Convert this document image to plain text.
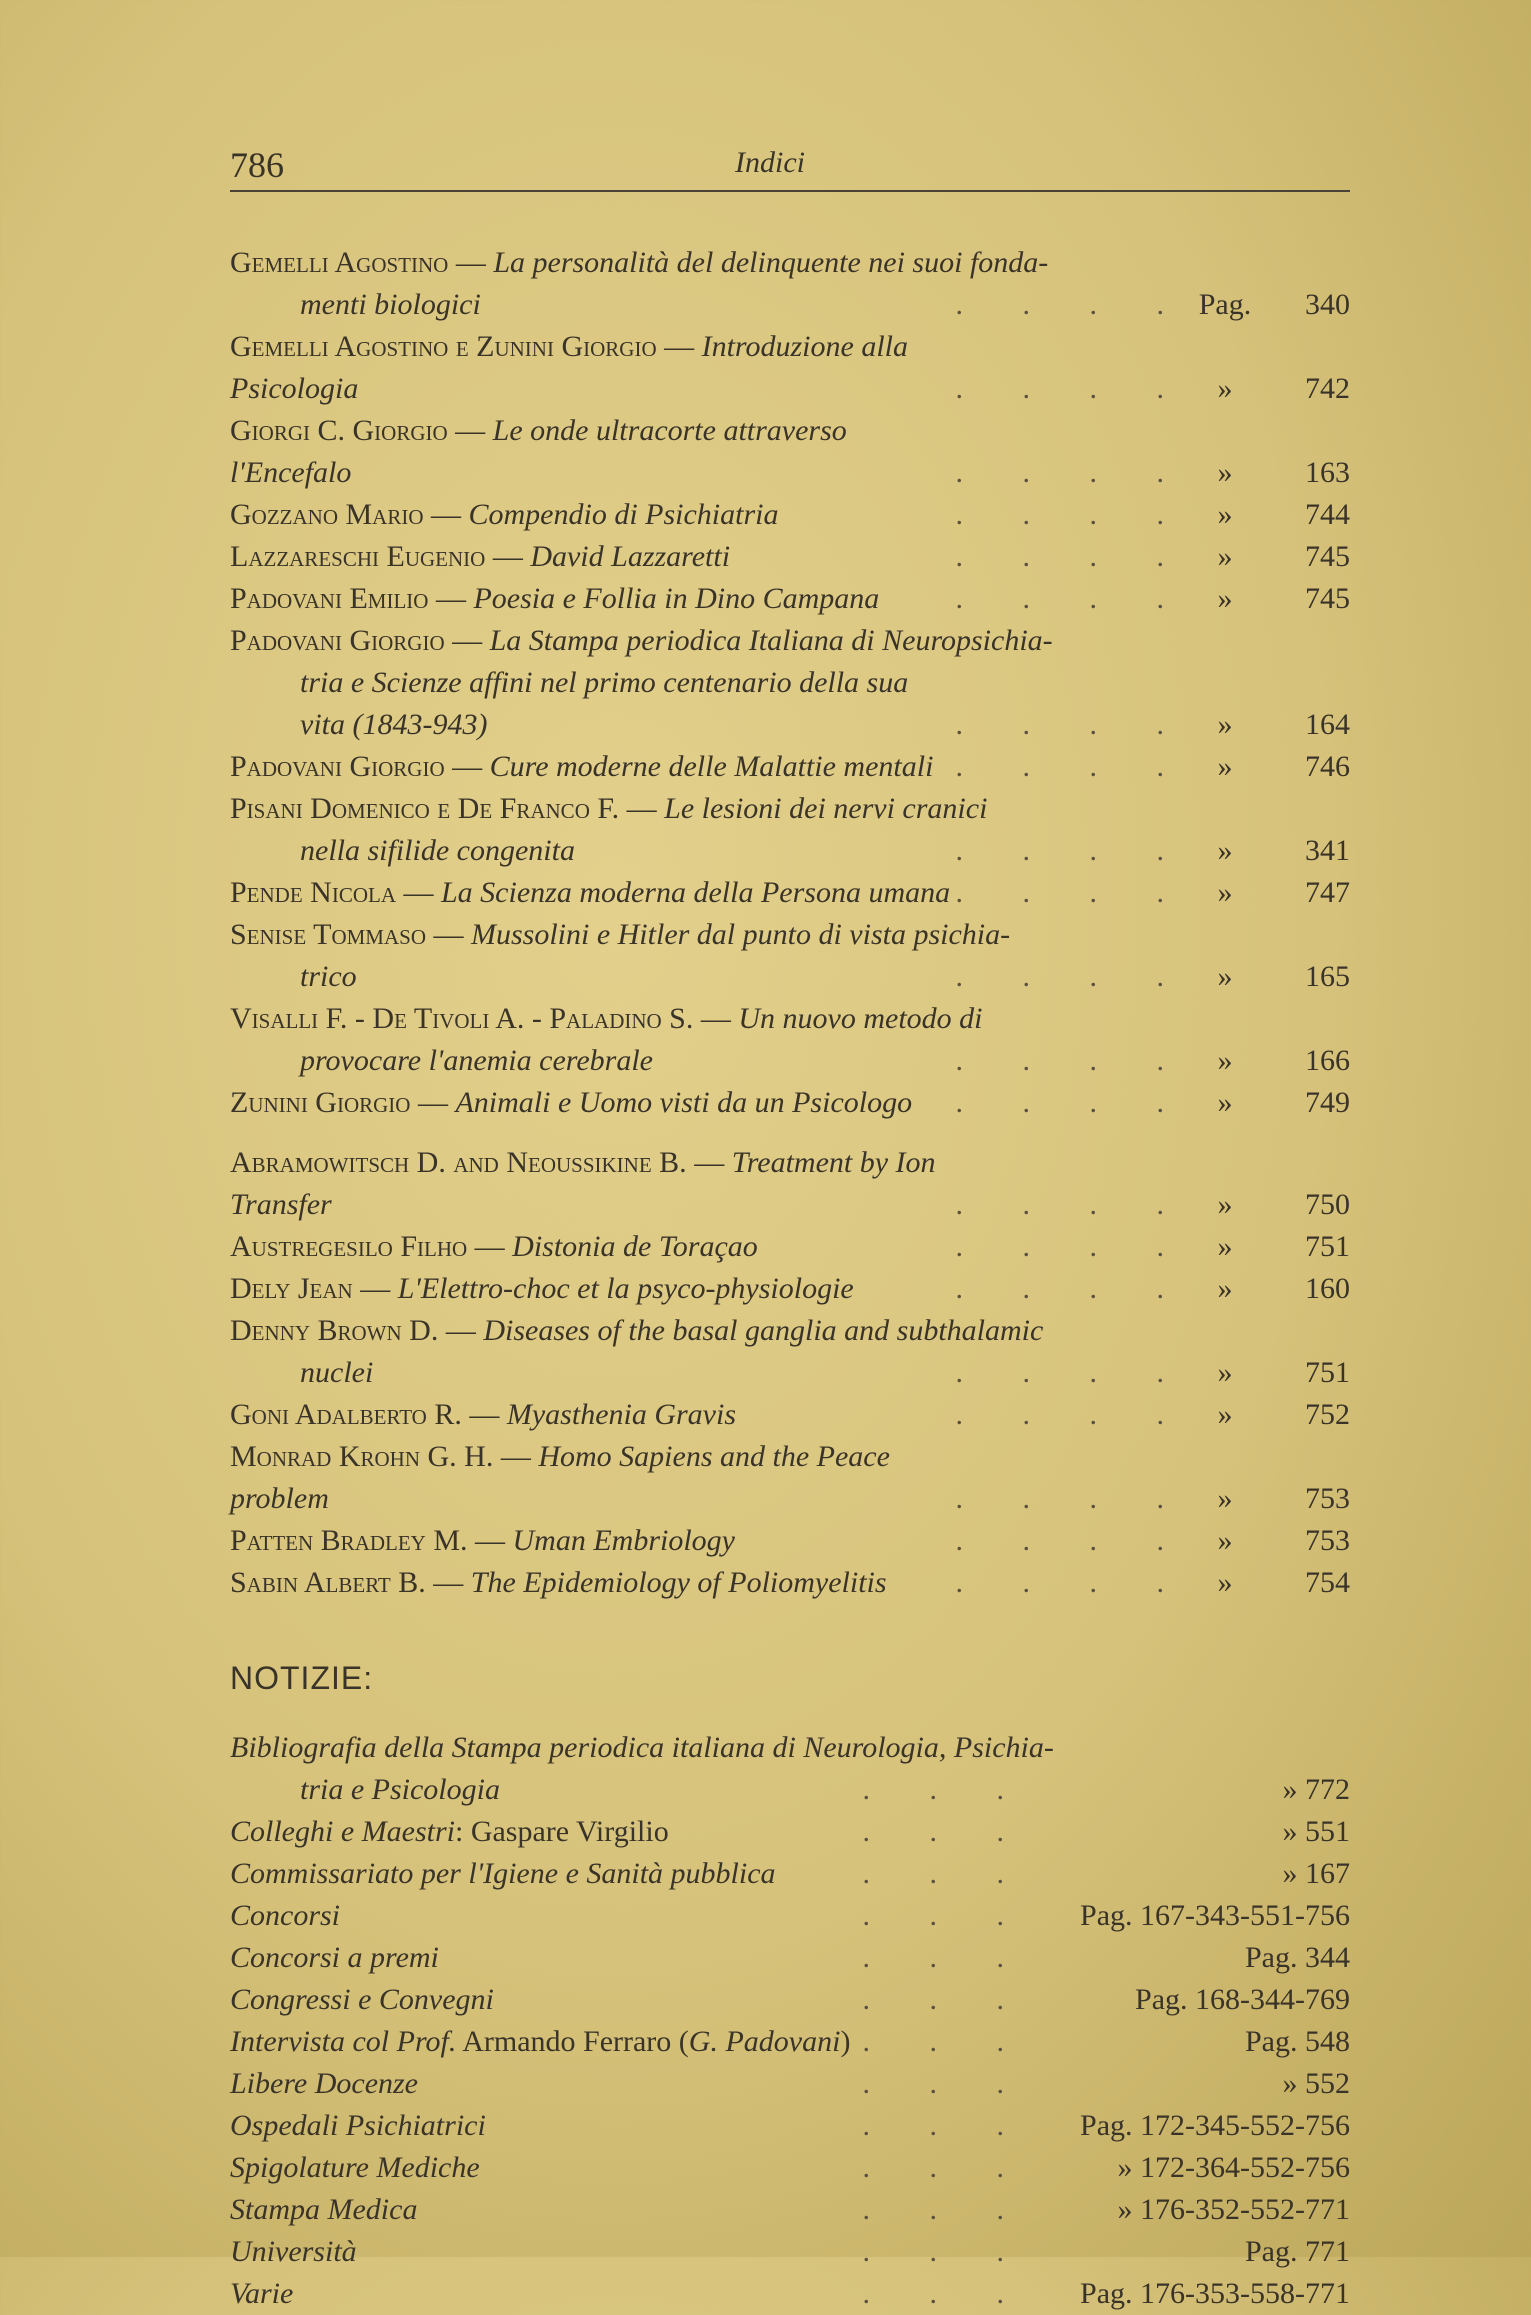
786	Indici
Gemelli Agostino — La personalità del delinquente nei suoi fonda-
menti biologici	. . . . Pag.	340
Gemelli Agostino e Zunini Giorgio — Introduzione alla Psicologia	. . . . »	742
Giorgi C. Giorgio — Le onde ultracorte attraverso l'Encefalo	. . . . »	163
Gozzano Mario — Compendio di Psichiatria	. . . . »	744
Lazzareschi Eugenio — David Lazzaretti	. . . . »	745
Padovani Emilio — Poesia e Follia in Dino Campana	. . . . »	745
Padovani Giorgio — La Stampa periodica Italiana di Neuropsichia-
tria e Scienze affini nel primo centenario della sua vita (1843-943)	. . . . »	164
Padovani Giorgio — Cure moderne delle Malattie mentali . . . . »	746
Pisani Domenico e De Franco F. — Le lesioni dei nervi cranici
nella sifilide congenita	. . . . »	341
Pende Nicola — La Scienza moderna della Persona umana . . . . »	747
Senise Tommaso — Mussolini e Hitler dal punto di vista psichia-
trico	. . . . »	165
Visalli F. - De Tivoli A. - Paladino S. — Un nuovo metodo di
provocare l'anemia cerebrale	. . . . »	166
Zunini Giorgio — Animali e Uomo visti da un Psicologo	. . . . »	749
Abramowitsch D. and Neoussikine B. — Treatment by Ion Transfer	. . . . »	750
Austregesilo Filho — Distonia de Toraçao	. . . . »	751
Dely Jean — L'Elettro-choc et la psyco-physiologie	. . . . »	160
Denny Brown D. — Diseases of the basal ganglia and subthalamic
nuclei	. . . . »	751
Goni Adalberto R. — Myasthenia Gravis	. . . . »	752
Monrad Krohn G. H. — Homo Sapiens and the Peace problem	. . . . »	753
Patten Bradley M. — Uman Embriology	. . . . »	753
Sabin Albert B. — The Epidemiology of Poliomyelitis	. . . . »	754
NOTIZIE:
Bibliografia della Stampa periodica italiana di Neurologia, Psichia-
tria e Psicologia	. . .	» 772
Colleghi e Maestri: Gaspare Virgilio	. . .	» 551
Commissariato per l'Igiene e Sanità pubblica	. . .	» 167
Concorsi	. . .	Pag. 167-343-551-756
Concorsi a premi	. . .	Pag. 344
Congressi e Convegni	. . .	Pag. 168-344-769
Intervista col Prof. Armando Ferraro (G. Padovani) . . .	Pag. 548
Libere Docenze	. . .	» 552
Ospedali Psichiatrici	. . .	Pag. 172-345-552-756
Spigolature Mediche	. . .	» 172-364-552-756
Stampa Medica	. . .	» 176-352-552-771
Università	. . .	Pag. 771
Varie	. . .	Pag. 176-353-558-771
